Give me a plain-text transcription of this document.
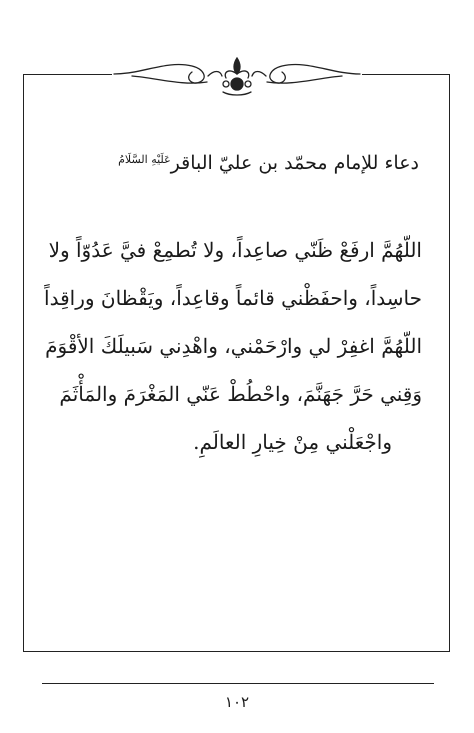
دعاء للإمام محمّد بن عليّ الباقر$^{عَلَيْهِ السَّلَامُ}$
اللّهُمَّ ارفَعْ ظَنّي صاعِداً، ولا تُطمِعْ فيَّ عَدُوّاً ولا
حاسِداً، واحفَظْني قائماً وقاعِداً، ويَقْظانَ وراقِداً
اللّهُمَّ اغفِرْ لي وارْحَمْني، واهْدِني سَبيلَكَ الأقْوَمَ
وَقِني حَرَّ جَهَنَّمَ، واحْطُطْ عَنّي المَغْرَمَ والمَأْثَمَ
واجْعَلْني مِنْ خِيارِ العالَمِ.
١٠٢
